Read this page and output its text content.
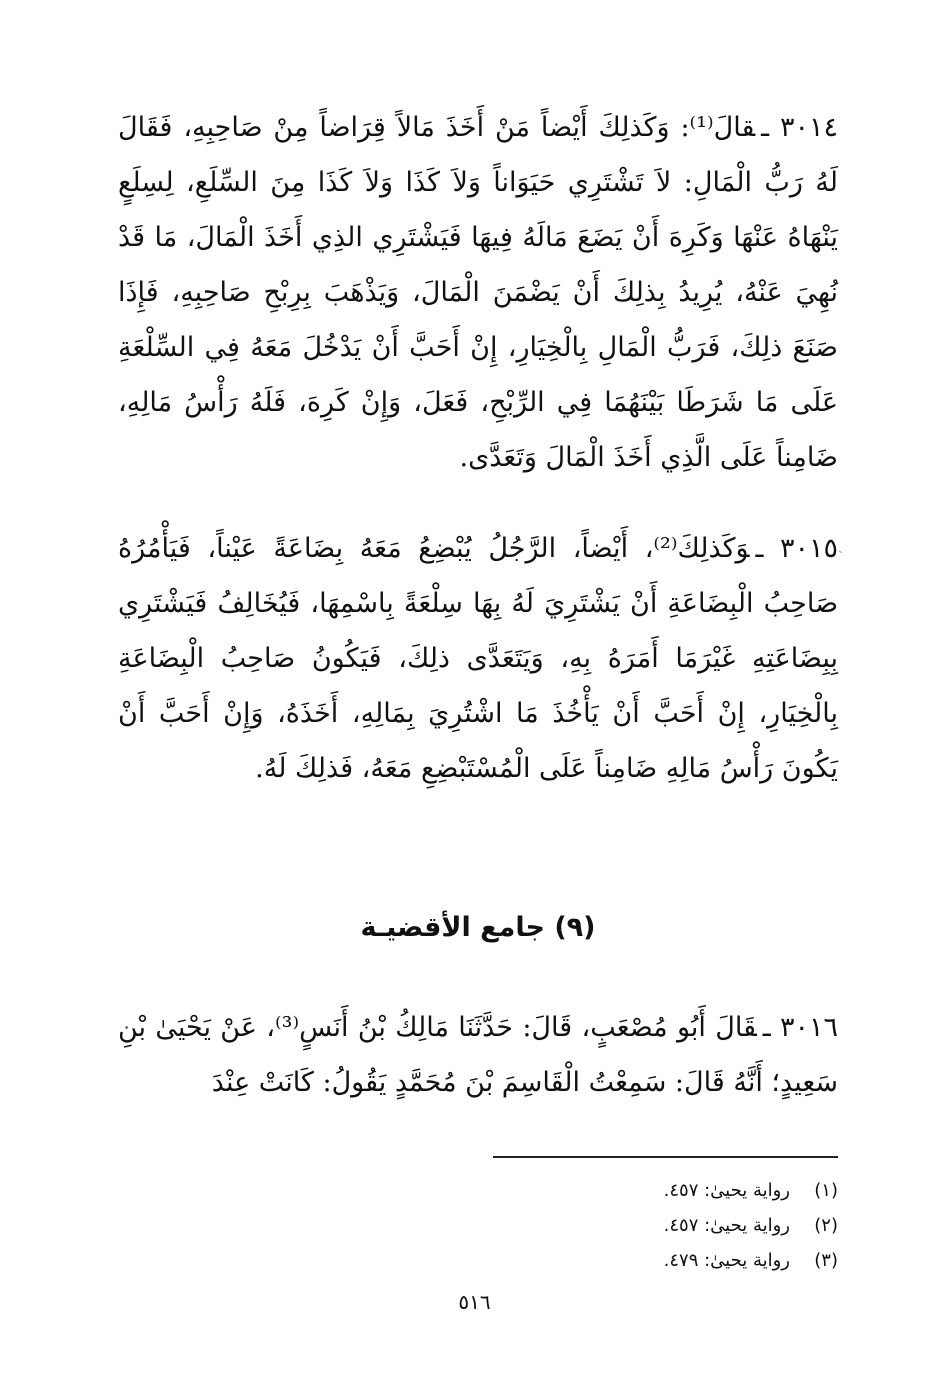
٣٠١٤ ـقالَ⁽¹⁾: وَكَذلِكَ أَيْضاً مَنْ أَخَذَ مَالاً قِرَاضاً مِنْ صَاحِبِهِ، فَقَالَ لَهُ رَبُّ الْمَالِ: لاَ تَشْتَرِي حَيَوَاناً وَلاَ كَذَا وَلاَ كَذَا مِنَ السِّلَعِ، لِسِلَعٍ يَنْهَاهُ عَنْهَا وَكَرِهَ أَنْ يَضَعَ مَالَهُ فِيهَا فَيَشْتَرِي الذِي أَخَذَ الْمَالَ، مَا قَدْ نُهِيَ عَنْهُ، يُرِيدُ بِذلِكَ أَنْ يَضْمَنَ الْمَالَ، وَيَذْهَبَ بِرِبْحِ صَاحِبِهِ، فَإِذَا صَنَعَ ذلِكَ، فَرَبُّ الْمَالِ بِالْخِيَارِ، إِنْ أَحَبَّ أَنْ يَدْخُلَ مَعَهُ فِي السِّلْعَةِ عَلَى مَا شَرَطَا بَيْنَهُمَا فِي الرِّبْحِ، فَعَلَ، وَإِنْ كَرِهَ، فَلَهُ رَأْسُ مَالِهِ، ضَامِناً عَلَى الَّذِي أَخَذَ الْمَالَ وَتَعَدَّى.

ˎ

٣٠١٥ ـوَكَذلِكَ⁽²⁾، أَيْضاً، الرَّجُلُ يُبْضِعُ مَعَهُ بِضَاعَةً عَيْناً، فَيَأْمُرُهُ صَاحِبُ الْبِضَاعَةِ أَنْ يَشْتَرِيَ لَهُ بِهَا سِلْعَةً بِاسْمِهَا، فَيُخَالِفُ فَيَشْتَرِي بِبِضَاعَتِهِ غَيْرَمَا أَمَرَهُ بِهِ، وَيَتَعَدَّى ذلِكَ، فَيَكُونُ صَاحِبُ الْبِضَاعَةِ بِالْخِيَارِ، إِنْ أَحَبَّ أَنْ يَأْخُذَ مَا اشْتُرِيَ بِمَالِهِ، أَخَذَهُ، وَإِنْ أَحَبَّ أَنْ يَكُونَ رَأْسُ مَالِهِ ضَامِناً عَلَى الْمُسْتَبْضِعِ مَعَهُ، فَذلِكَ لَهُ.

(٩) جامع الأقضيـة

٣٠١٦ ـقَالَ أَبُو مُصْعَبٍ، قَالَ: حَدَّثَنَا مَالِكُ بْنُ أَنَسٍ⁽³⁾، عَنْ يَحْيَىٰ بْنِ سَعِيدٍ؛ أَنَّهُ قَالَ: سَمِعْتُ الْقَاسِمَ بْنَ مُحَمَّدٍ يَقُولُ: كَانَتْ عِنْدَ

(١)رواية يحيىٰ: ٤٥٧.
(٢)رواية يحيىٰ: ٤٥٧.
(٣)رواية يحيىٰ: ٤٧٩.
٥١٦
